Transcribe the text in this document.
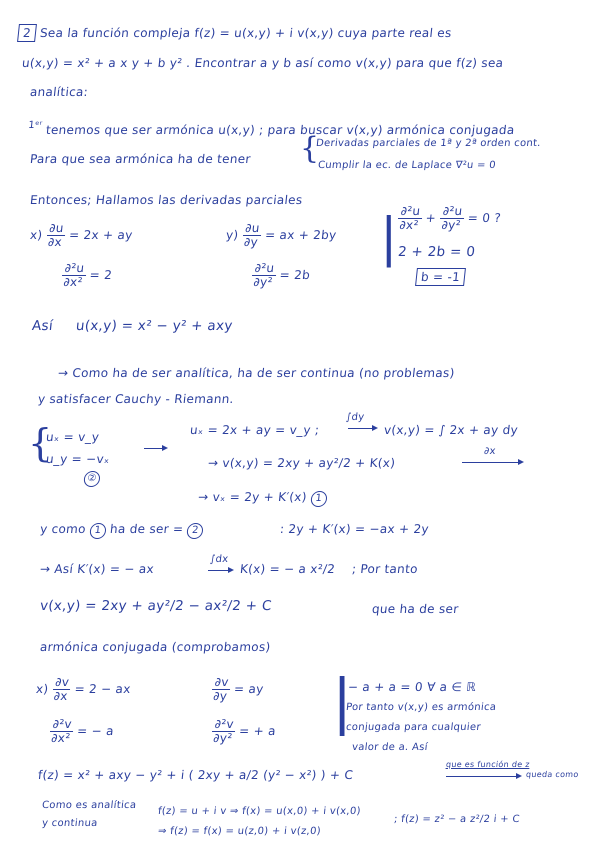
2 Sea la función compleja f(z) = u(x,y) + i v(x,y) cuya parte real es
u(x,y) = x² + a x y + b y² . Encontrar a y b así como v(x,y) para que f(z) sea
analítica:
$^{1ᵉʳ}$ tenemos que ser armónica u(x,y) ; para buscar v(x,y) armónica conjugada
Para que sea armónica ha de tener {
Derivadas parciales de 1ª y 2ª orden cont.
Cumplir la ec. de Laplace ∇²u = 0
Entonces; Hallamos las derivadas parciales
$x) \frac{\partial u}{\partial x} = 2x$ + ay	$y) \frac{\partial u}{\partial y}$ = ax + 2by
$\frac{\text{∂²u}}{\text{∂x²}} = 2$	$\frac{\text{∂²u}}{\text{∂y²}} = 2b$
| $\frac{\text{∂²u}}{\text{∂x²}}$
+
$\frac{\text{∂²u}}{\text{∂y²}} = 0$ ?
2 + 2b = 0
b = -1
Así u(x,y) = x² − y² + axy
→ Como ha de ser analítica, ha de ser continua (no problemas)
y satisfacer Cauchy - Riemann.
{
uₓ = v_y
u_y = −vₓ
②
uₓ = 2x + ay = v_y ;
∫dy
v(x,y) = ∫ 2x + ay dy
→ v(x,y) = 2xy + ay²/2 + K(x)
∂x
→ vₓ = 2y + K′(x) 1
y como 1 ha de ser = 2	: 2y + K′(x) = −ax + 2y
→ Así K′(x) = − ax
∫dx
K(x) = − a x²/2 ; Por tanto
v(x,y) = 2xy + ay²/2 − ax²/2 + C	que ha de ser
armónica conjugada (comprobamos)
$x) \frac{\partial v}{\partial x} = 2$ − ax	$\frac{\partial v}{\partial y}$ = ay
$\frac{\text{∂²v}}{\text{∂x²}}$ = − a	$\frac{\text{∂²v}}{\text{∂y²}}$ = + a |
− a + a = 0 ∀ a ∈ ℝ
Por tanto v(x,y) es armónica
conjugada para cualquier
valor de a. Así
f(z) = x² + axy − y² + i ( 2xy + a/2 (y² − x²) ) + C
que es función de z
queda como
Como es analítica
y continua
f(z) = u + i v ⇒ f(x) = u(x,0) + i v(x,0)
⇒ f(z) = f(x) = u(z,0) + i v(z,0)
; f(z) = z² − a z²/2 i + C
